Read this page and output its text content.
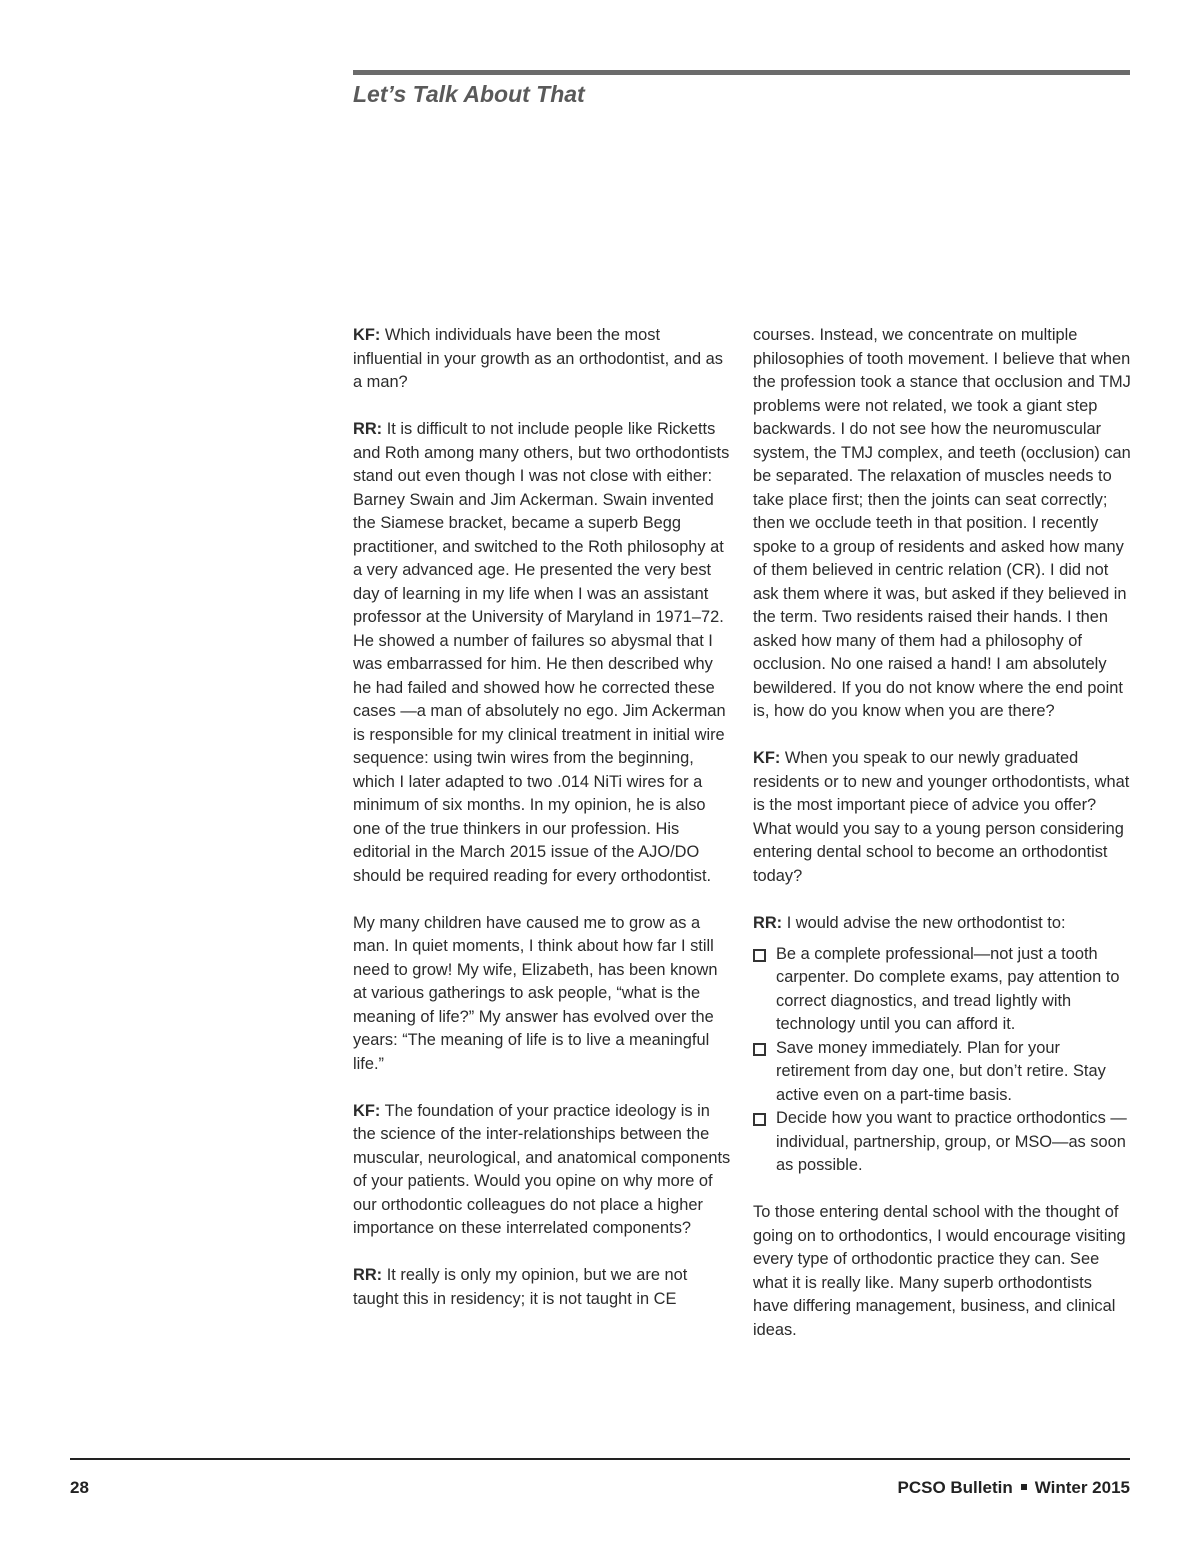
Let’s Talk About That

KF: Which individuals have been the most influential in your growth as an orthodontist, and as a man?

RR: It is difficult to not include people like Ricketts and Roth among many others, but two orthodontists stand out even though I was not close with either: Barney Swain and Jim Ackerman. Swain invented the Siamese bracket, became a superb Begg practitioner, and switched to the Roth philosophy at a very advanced age. He presented the very best day of learning in my life when I was an assistant professor at the University of Maryland in 1971–72. He showed a number of failures so abysmal that I was embarrassed for him. He then described why he had failed and showed how he corrected these cases —a man of absolutely no ego. Jim Ackerman is responsible for my clinical treatment in initial wire sequence: using twin wires from the beginning, which I later adapted to two .014 NiTi wires for a minimum of six months. In my opinion, he is also one of the true thinkers in our profession. His editorial in the March 2015 issue of the AJO/DO should be required reading for every orthodontist.

My many children have caused me to grow as a man. In quiet moments, I think about how far I still need to grow! My wife, Elizabeth, has been known at various gatherings to ask people, “what is the meaning of life?” My answer has evolved over the years: “The meaning of life is to live a meaningful life.”

KF: The foundation of your practice ideology is in the science of the inter-relationships between the muscular, neurological, and anatomical components of your patients. Would you opine on why more of our orthodontic colleagues do not place a higher importance on these interrelated components?

RR: It really is only my opinion, but we are not taught this in residency; it is not taught in CE

courses. Instead, we concentrate on multiple philosophies of tooth movement. I believe that when the profession took a stance that occlusion and TMJ problems were not related, we took a giant step backwards. I do not see how the neuromuscular system, the TMJ complex, and teeth (occlusion) can be separated. The relaxation of muscles needs to take place first; then the joints can seat correctly; then we occlude teeth in that position. I recently spoke to a group of residents and asked how many of them believed in centric relation (CR). I did not ask them where it was, but asked if they believed in the term. Two residents raised their hands. I then asked how many of them had a philosophy of occlusion. No one raised a hand! I am absolutely bewildered. If you do not know where the end point is, how do you know when you are there?

KF: When you speak to our newly graduated residents or to new and younger orthodontists, what is the most important piece of advice you offer? What would you say to a young person considering entering dental school to become an orthodontist today?

RR: I would advise the new orthodontist to:

Be a complete professional—not just a tooth carpenter. Do complete exams, pay attention to correct diagnostics, and tread lightly with technology until you can afford it.
Save money immediately. Plan for your retirement from day one, but don’t retire. Stay active even on a part-time basis.
Decide how you want to practice orthodontics —individual, partnership, group, or MSO—as soon as possible.

To those entering dental school with the thought of going on to orthodontics, I would encourage visiting every type of orthodontic practice they can. See what it is really like. Many superb orthodontists have differing management, business, and clinical ideas.

28	PCSO Bulletin Winter 2015
